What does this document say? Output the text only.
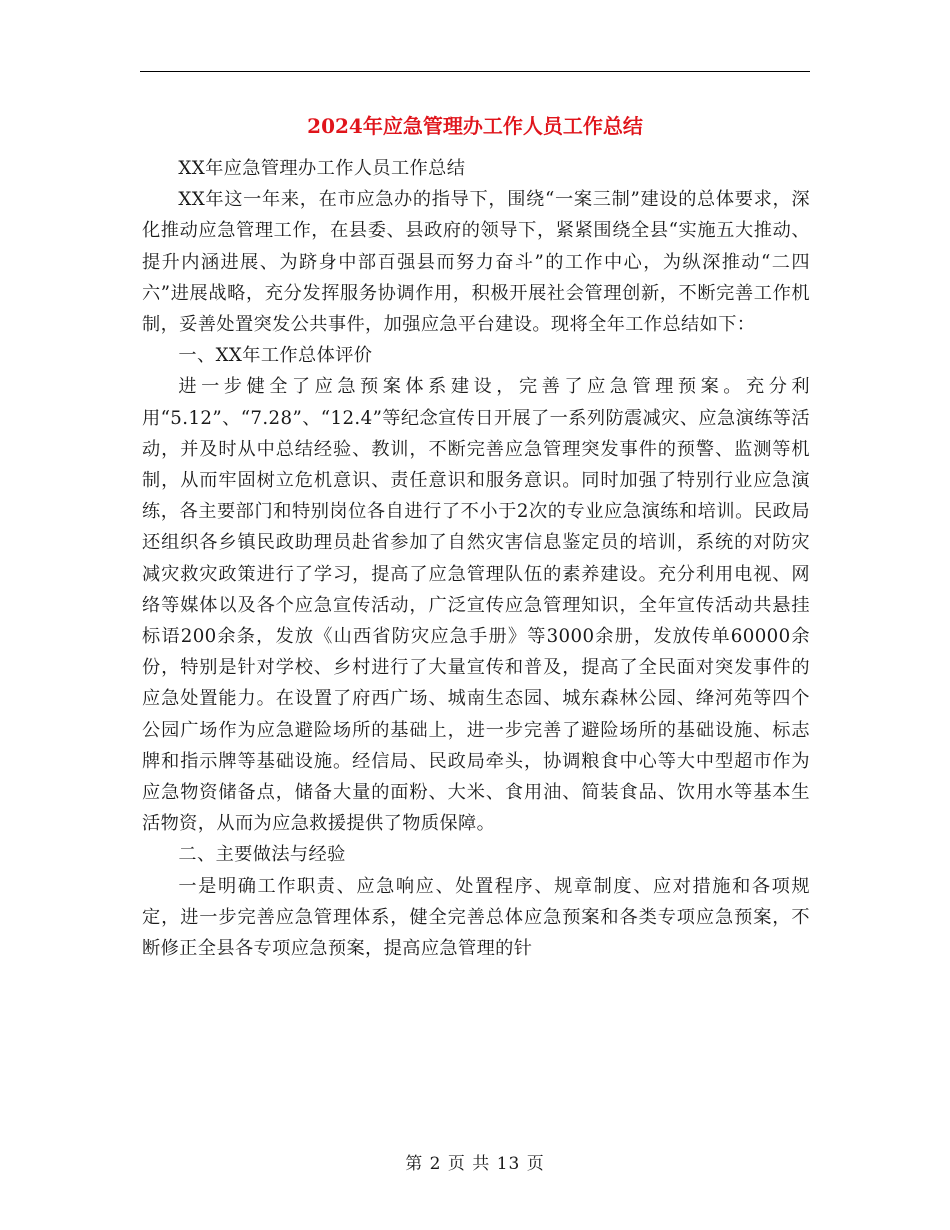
2024年应急管理办工作人员工作总结

XX年应急管理办工作人员工作总结

XX年这一年来，在市应急办的指导下，围绕“一案三制”建设的总体要求，深化推动应急管理工作，在县委、县政府的领导下，紧紧围绕全县“实施五大推动、提升内涵进展、为跻身中部百强县而努力奋斗”的工作中心，为纵深推动“二四六”进展战略，充分发挥服务协调作用，积极开展社会管理创新，不断完善工作机制，妥善处置突发公共事件，加强应急平台建设。现将全年工作总结如下：

一、XX年工作总体评价

进一步健全了应急预案体系建设，完善了应急管理预案。充分利用“5.12”、“7.28”、“12.4”等纪念宣传日开展了一系列防震减灾、应急演练等活动，并及时从中总结经验、教训，不断完善应急管理突发事件的预警、监测等机制，从而牢固树立危机意识、责任意识和服务意识。同时加强了特别行业应急演练，各主要部门和特别岗位各自进行了不小于2次的专业应急演练和培训。民政局还组织各乡镇民政助理员赴省参加了自然灾害信息鉴定员的培训，系统的对防灾减灾救灾政策进行了学习，提高了应急管理队伍的素养建设。充分利用电视、网络等媒体以及各个应急宣传活动，广泛宣传应急管理知识，全年宣传活动共悬挂标语200余条，发放《山西省防灾应急手册》等3000余册，发放传单60000余份，特别是针对学校、乡村进行了大量宣传和普及，提高了全民面对突发事件的应急处置能力。在设置了府西广场、城南生态园、城东森林公园、绛河苑等四个公园广场作为应急避险场所的基础上，进一步完善了避险场所的基础设施、标志牌和指示牌等基础设施。经信局、民政局牵头，协调粮食中心等大中型超市作为应急物资储备点，储备大量的面粉、大米、食用油、简装食品、饮用水等基本生活物资，从而为应急救援提供了物质保障。

二、主要做法与经验

一是明确工作职责、应急响应、处置程序、规章制度、应对措施和各项规定，进一步完善应急管理体系，健全完善总体应急预案和各类专项应急预案，不断修正全县各专项应急预案，提高应急管理的针

第 2 页 共 13 页
